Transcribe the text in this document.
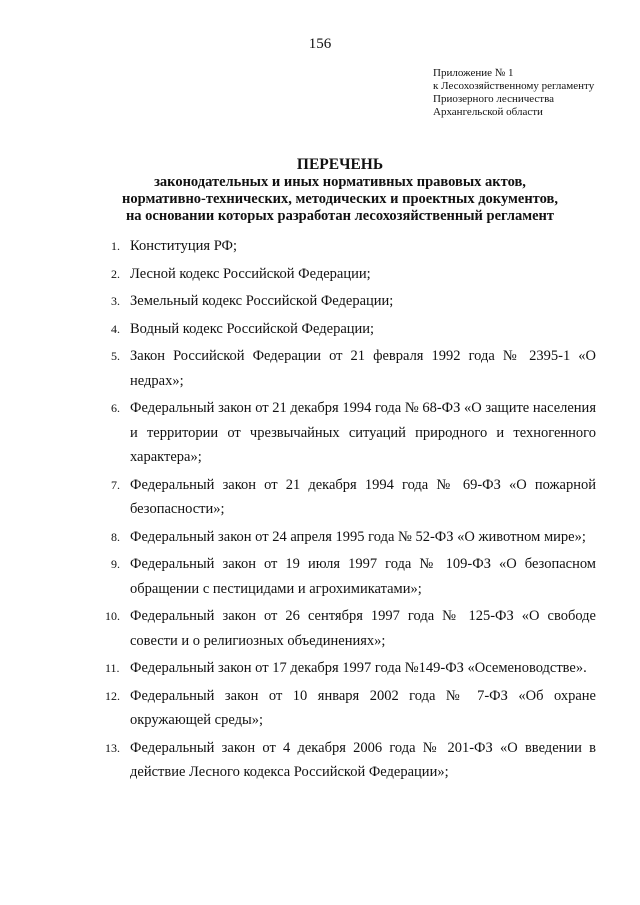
156
Приложение № 1
к Лесохозяйственному регламенту
Приозерного лесничества
Архангельской области
ПЕРЕЧЕНЬ
законодательных и иных нормативных правовых актов,
нормативно-технических, методических и проектных документов,
на основании которых разработан лесохозяйственный регламент
1. Конституция РФ;
2. Лесной кодекс Российской Федерации;
3. Земельный кодекс Российской Федерации;
4. Водный кодекс Российской Федерации;
5. Закон Российской Федерации от 21 февраля 1992 года № 2395-1 «О недрах»;
6. Федеральный закон от 21 декабря 1994 года № 68-ФЗ «О защите населения и территории от чрезвычайных ситуаций природного и техногенного характера»;
7. Федеральный закон от 21 декабря 1994 года № 69-ФЗ «О пожарной безопасности»;
8. Федеральный закон от 24 апреля 1995 года № 52-ФЗ «О животном мире»;
9. Федеральный закон от 19 июля 1997 года № 109-ФЗ «О безопасном обращении с пестицидами и агрохимикатами»;
10. Федеральный закон от 26 сентября 1997 года № 125-ФЗ «О свободе совести и о религиозных объединениях»;
11. Федеральный закон от 17 декабря 1997 года №149-ФЗ «Осеменоводстве».
12. Федеральный закон от 10 января 2002 года № 7-ФЗ «Об охране окружающей среды»;
13. Федеральный закон от 4 декабря 2006 года № 201-ФЗ «О введении в действие Лесного кодекса Российской Федерации»;
